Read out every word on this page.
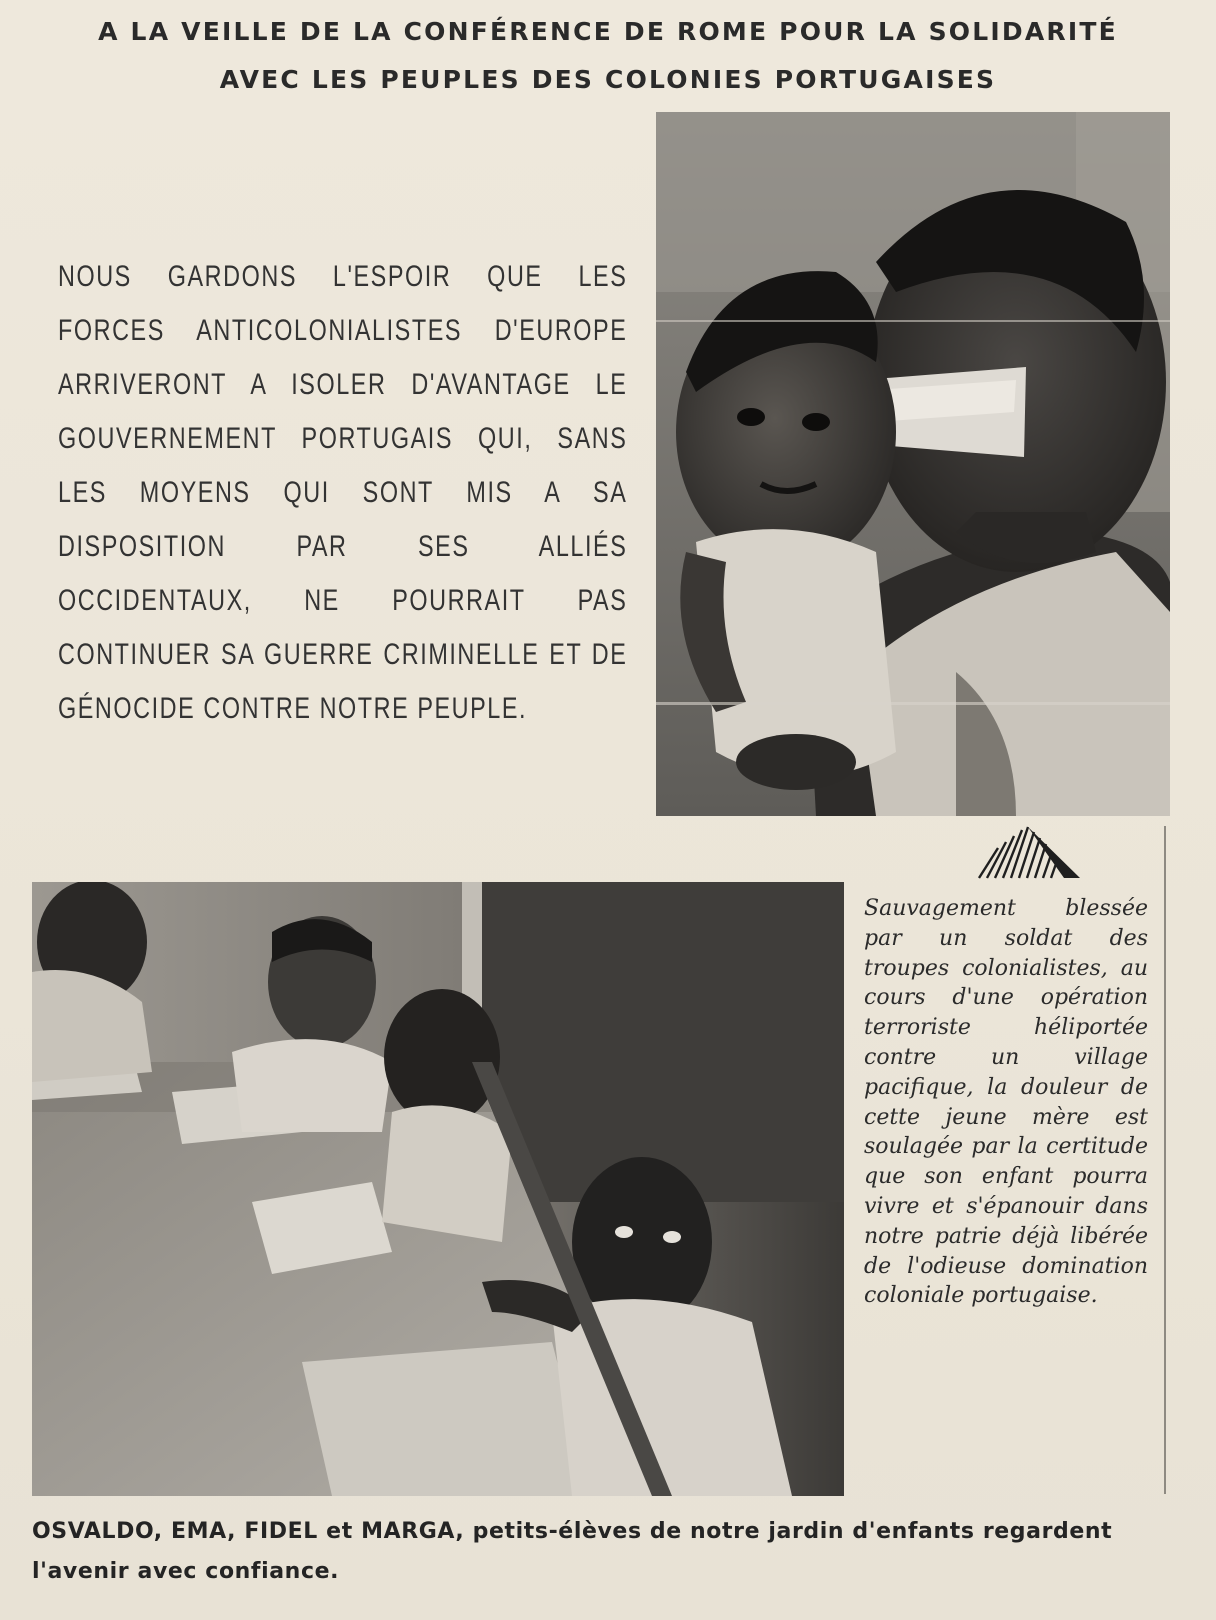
A LA VEILLE DE LA CONFÉRENCE DE ROME POUR LA SOLIDARITÉ
AVEC LES PEUPLES DES COLONIES PORTUGAISES
NOUS GARDONS L'ESPOIR QUE LES FORCES ANTICOLONIALISTES D'EUROPE ARRIVERONT A ISOLER D'AVANTAGE LE GOUVERNEMENT PORTUGAIS QUI, SANS LES MOYENS QUI SONT MIS A SA DISPOSITION PAR SES ALLIÉS OCCIDENTAUX, NE POURRAIT PAS CONTINUER SA GUERRE CRIMINELLE ET DE GÉNOCIDE CONTRE NOTRE PEUPLE.
Sauvagement blessée par un soldat des troupes colonialistes, au cours d'une opération terroriste héliportée contre un village pacifique, la douleur de cette jeune mère est soulagée par la certitude que son enfant pourra vivre et s'épanouir dans notre patrie déjà libérée de l'odieuse domination coloniale portugaise.
OSVALDO, EMA, FIDEL et MARGA, petits-élèves de notre jardin d'enfants regardent l'avenir avec confiance.
